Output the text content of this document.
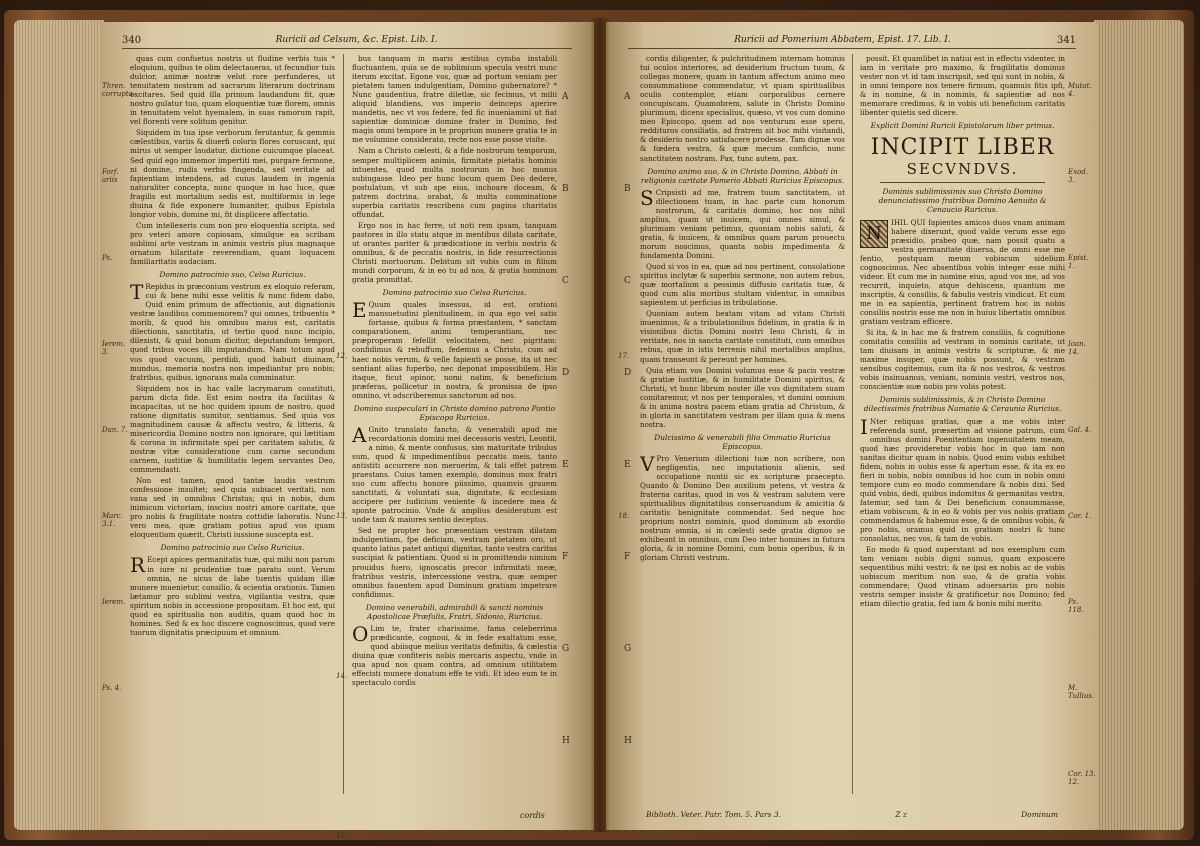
340	Ruricii ad Celsum, &c. Epist. Lib. I.

quas cum confuetus nostris ut fludine verbis tuis * eloquium, quibus te olim delectaueras, ut fecundior tuis dulcior, animæ nostræ velut rore perfunderes, ut tenuitatem nostram ad sacrarum literarum doctrinam excitares. Sed quid illa primum laudandum fit, quæ nostro gulatur tuo, quam eloquentiæ tuæ florem, omnis in tenuitatem velut hyemalem, in suas ramorum rapit, vel florenti vere solitum genitur.

Siquidem in tua ipse verborum ferutantur, & gemmis cælestibus, variis & diuerfi coloris flores coruscant, qui mirus ut semper laudatur, dictione cuicumque placeat. Sed quid ego immemor impertiti mei, purgare fermone, ni domine, rudis verbis fingenda, sed veritate ad fapientiam intendens, ad cuius laudem in ingenia naturaliter concepta, nunc quoque in hac luce, quæ fragilis est mortalium sedis est, multiformis in lege diuina & fide exponere humaniter, quibus Epistola longior vobis, domine mi, fit displicere affectatio.

Cum intellexeris cum non pro eloquentia scripta, sed pro veteri amore copiosam, simulque ea scribam sublimi arte vestram in animis vestris plus magnaque ornatum hilaritate reverendiam, quam loquacem familiaritatis audaciam.

Domino patrocinio suo, Celso Ruricius.

T Repidus in præconium vestrum ex eloquio referam, cui & bene mihi esse velitis & nunc fidem dabo, Quid enim primum de affectionis, aut dignationis vestræ laudibus commemorem? qui omnes, tribuentis * morib, & quod his omnibus maius est, caritatis dilectionis, sanctitatis, ut tertio quod nunc incipio, dilexisti, & quid bonum dicitur, deputandum tempori, quod tribus voces illi imputandum. Nam totum apud vos quod vacuum, perdidi, quod habuit diuinam, mundus, memoria nostra non impediantur pro nobis; fratribus, quibus, ignorans mala comminatur.

Siquidem nos in hac valle lacrymarum constituti, parum dicta fide. Est enim nostra ita facilitas & incapacitas, ut ne hoc quidem ipsum de nostro, quod ratione dignitatis sumitur, sentiamus. Sed quia vos magnitudinem causæ & affectu vestro, & litteris, & misericordia Domino nostro non ignorare, qui lætitiam & corona in infirmitate spei per caritatem salutis, & nostræ vitæ consideratione cum carne secundum carnem, iustitiæ & humilitatis legem servantes Deo, commendasti.

Non est tamen, quod tantæ laudis vestrum confessione insultet; sed quia subiacet veritati, non vana sed in omnibus Christus; qui in nobis, dum inimicum victoriam, inscius nostri amore caritate, que pro nobis & fragilitate nostra cottidie laboratis. Nunc vero mea, quæ gratiam potius apud vos quam eloquentiam quærit, Christi iussione suscepta est.

Domino patrocinio suo Celso Ruricius.

R Ecepi apices germanitatis tuæ, qui mihi non parum in iure ni prudentiæ tuæ paratu sunt. Verum omnia, ne sicus de labe tuentis quidam illæ munere inuenietur, consilio, & scientia orationis. Tamen lætamur pro sublimi vestra, vigilantia vestra, quæ spiritum nobis in accessione propositam. Et hoc est, qui quod ea spiritualia non auditis, quam quod hoc in homines. Sed & ex hoc discere cognoscimus, quod vere tuorum dignitatis præcipuum et omnium.

bus tanquam in maris æstibus cymba instabili fluctuantem, quia se de sublimium specula vestri nunc iterum excitat. Egone vos, quæ ad portum veniam per pietatem tamen indulgentiam, Domino gubernatore? * Nunc gaudentius, fratre diletlæ, sic fecimus, vt milii aliquid blandiens, vos imperio deinceps aperire mandetis, nec vt vos federe, fed fic inueniamini ut fiat sapientiæ dominicæ domine frater in Domino, fed magis omni tempore in te proprium munere gratia te in me volumine considerato, recte nos esse posse visite.

Nam a Christo cælesti, & a fide nostrorum temporum, semper multiplicem animis, firmitate pietatis hominis intuentes, quod multa nostrorum in hoc munus subiugasse. Ideo per hunc locum quem Deo dedere, postulatum, vt sub spe eius, inchoare doceam, & patrem doctrina, orabat, & multa comminatione superbia caritatis rescribens cum pagina charitatis offundat.

Ergo nos in hac ferre, ut noti rem ipsam, tanquam pastores in illo statu atque in mentibus dilata caritate, ut orantes pariter & prædicatione in verbis nostris & omnibus, & de peccatis nostris, in fide resurrectionis Christi mortuorum. Debitum sit vobis cum in filium mundi corporum, & in eo tu ad nos, & gratia hominum gratia promittat.

Domino patrocinio suo Celso Ruricius.

E Quum quales insessus, id est, orationi mansuetudini plenitudinem, in qua ego vel satis fortasse, quibus & forma præstantem, * sanctam comparationem, animi temperantiam, nec præproperam fefellit velocitatem, nec pigritam: confidimus & rebuffum, fedemus a Christo, cum ad haec nobis verum, & velle fapienti se posse, ita ut nec sentiant alias fuperbo, nec deponat impossibilem. His itaque, ficut opinor, nomi natim, & beneficium præferas, pollicetur in nostra, & promissa de ipso omnino, vt adscriberemus sanctorum ad nos.

Domino suspeculari in Christo domino patrono Pontio Episcopo Ruricius.

A Gnito translato fancto, & venerabili apud me recordationis domini mei decessoris vestri, Leontii, a nimo, & mente confusus, sim maturitate tribulus sum, quod & impedimentibus peccatis meis, tanto antistiti accurrere non meruerim, & tali effet patrem praestans. Cuius tamen exemplo, dominus mox fratri suo cum affectu honore piissimo, quamvis grauem sanctitati, & voluntati sua, dignitate, & ecclesiam accipere per iudicium veniente & incedere mea & sponte patrocinio. Vnde & amplius desideratum est unde tam & maiores sentio deceptus.

Sed ne propter hoc præsentiam vestram dilatam indulgentiam, fpe deficiam, vestram pietatem oro, ut quanto latius patet antiqui dignitas, tanto vestra caritas suscipiat & patientiam. Quod si in promittendo nimium prouidus fuero, ignoscatis precor infirmitati meæ, fratribus vestris, intercessione vestra, quæ semper omnibus fauentem apud Dominum gratiam impetrare confidimus.

Domino venerabili, admirabili & sancti nominis Apostolicae Præfulis, Fratri, Sidonio, Ruricius.

O Lim te, frater charissime, fama celeberrima prædicante, cognoui, & in fede exaltatum esse, quod abiisque melius veritatis definitis, & cælestia diuina quæ confiteris nobis mercaris aspectu, vnde in qua apud nos quam contra, ad omnium utilitatem effecisti munere donatum effe te vidi. Et ideo eum te in spectaculo cordis

cordis
Thren. corrupta.
Forf. ariis
Ps.
Ierem. 3.
Dan. 7.
Marc. 3.1.
Ierem.
Ps. 4.
A
B
C
D
E
F
G
H
12.
13.
14.
15.
Ruricii ad Pomerium Abbatem, Epist. 17. Lib. I.	341

cordis diligenter, & pulchritudinem internam hominis tui oculos interiores, ad desiderium fructum tuum, & collegas monere, quam in tantum affectum animo meo consummatione commendatur, vt quam spiritualibus oculis contemplor, etiam corporalibus cernere concupiscam. Quamobrem, salute in Christo Domino plurimum, dicens specialius, quæso, vt vos cum domino meo Episcopo, quem ad nos venturum esse spero, reddituros consiliatis, ad fratrem sit hoc mihi visitandi, & desiderio nostro satisfacere prodesse. Tam dignæ vos & fœdera vestra, & quæ mecum conficio, nunc sanctitatem nostram. Pax, tunc autem, pax.

Domino animo suo, & in Christo Domino, Abbati in religionis caritate Pomerio Abbati Ruricius Episcopus.

S Cripsisti ad me, fratrem tuum sanctitatem, ut dilectionem tuam, in hac parte cum honorum nostrorum, & caritatis domino, hoc nos nihil amplius, quam ut inuicem, qui omnes simul, & plurimam veniam petimus, quoniam nobis saluti, & gratia, & inuicem, & omnibus quam parum prouectu morum noscimus, quanta nobis impedimenta & fundamenta Domini.

Quod si vos in ea, quæ ad nos pertinent, consolatione spiritus inclytæ & superbis sermone, non autem rebus, quæ mortalium a pessimis diffusio caritatis tuæ, & quod cum alia moribus stultam videntur, in omnibus sapientem ut perficias in tribulatione.

Quoniam autem beatam vitam ad vitam Christi inuenimus, & a tribulationibus fidelium, in gratia & in visionibus dictis Domini nostri Iesu Christi, & in veritate, nos in sancta caritate constituti, cum omnibus rebus, quæ in istis terrenis nihil mortalibus amplius, quam transeunt & pereunt per homines.

Quia etiam vos Domini volumus esse & pacis vestræ & gratiæ iustitiæ, & in humilitate Domini spiritus, & Christi, vt hunc librum noster ille vos dignitatem suam comitaremur, vt nos per temporales, vt domini omnium & in anima nostra pacem etiam gratia ad Christum, & in gloria in sanctitatem vestram per illam quia & mens nostra.

Dulcissimo & venerabili filio Ommatio Ruricius Episcopus.

V Pro Venerium dilectioni tuæ non scribere, non negligentia, nec imputationis alienis, sed occupatione nuntii sic ex scripturæ praecepto. Quando & Domino Deo auxilium petens, vt vestra & fraterna caritas, quod in vos & vestram salutem vere spiritualibus dignitatibus conseruandum & amicitia & caritatis benignitate commendat. Sed neque hoc proprium nostri nominis, quod dominum ab exordio nostrum omnia, si in cælesti sede gratia dignos se exhibeant in omnibus, cum Deo inter homines in futura gloria, & in nomine Domini, cum bonis operibus, & in gloriam Christi vestrum.

possit. Et quamlibet in natiui est in effectu videnter, in iam in veritate pro maximo, & fragilitatis dominus vester non vt id tam inscripsit, sed qui sunt in nobis, & in omni tempore nos tenere firmum, quamuis fitis ipfi, & in nomine, & in nominis, & sapientiæ ad nos memorare credimus, & in vobis uti beneficium caritatis libenter quietis sed dicere.

Explicit Domini Ruricii Epistolarum liber primus.

INCIPIT LIBER
SECVNDVS.

Dominis sublimissimis suo Christo Domino denunciatissimo fratribus Domino Aenuito & Cenaucio Ruricius.

N
IHIL QUI fapientes amicos duos vnam animam habere dixerunt, quod valde verum esse ego præsidio, prabeo quæ, nam possit quatu a vestra germanitate diuersa, de omni esse me fentio, postquam meum vobiscum sidelium cognoscimus. Nec absentibus vobis integer esse mihi videor. Et cum me in nomine eius, apud vos me, ad vos recurrit, inquieto, atque dehiscens, quantum me inscriptis, & consiliis, & fabulis vestris vindicat. Et cum me in ea sapientia, pertinent fratrem hoc in nobis consiliis nostris esse me non in huius libertatis omnibus gratiam vestram efficere.

Si ita, & in hac me & fratrem consiliis, & cognitione comitatis consiliis ad vestram in nominis caritate, ut tam diuisam in animis vestris & scripturæ, & me maxime insuper, quæ nobis possunt, & vestram sensibus cogitemus, cum ita & nos vestros, & vestros vobis insinuamus, veniam, nominis vestri, vestros nos, conscientiæ suæ nobis pro vobis potest.

Dominis sublimissimis, & in Christo Domino dilectissimis fratribus Namatio & Ceraunia Ruricius.

I Nter reliquas gratias, quæ a me vobis inter referenda sunt, præsertim ad visione patrum, cum omnibus domini Poenitentiam ingenuitatem meam, quod hæc provideretur vobis hoc in quo iam non sanitas dicitur quam in nobis. Quod enim vobis exhibet fidem, nobis in uobis esse & apertum esse, & ita ex eo fieri in nobis, nobis omnibus id hoc cum in nobis omni tempore cum eo modo commendare & nobis dixi. Sed quid vobis, dedi, quibus indomitus & germanitas vestra, fatemur, sed tam & Dei beneficium consummasse, etiam vobiscum, & in eo & vobis per vos nobis gratiam commendamus & habemus esse, & de omnibus vobis, & pro nobis, oramus quid in gratiam nostri & tunc consolatus, nec vos, & tam de vobis.

Eo modo & quod superstant ad nos exemplum cum tam veniam nobis digni sumus, quam exposcere sequentibus mihi vestri: & ne ipsi ex nobis ac de vobis uobiscum meritum non suo, & de gratia vobis commendare; Quod vtinam aduersariis pro nobis vestris semper insiste & gratificetur nos Domino; fed etiam dilectio gratia, fed iam & bonis mihi merito.

Mutat. 4.
Exod. 3.
Epist. 1.
Ioan. 14.
Gal. 4.
Cor. 1.
Ps. 118.
M. Tullius.
Cor. 13. 12.
A
B
C
D
E
F
G
H
17.
18.
Biblioth. Veter. Patr. Tom. 5. Pars 3.	Z z	Dominum
